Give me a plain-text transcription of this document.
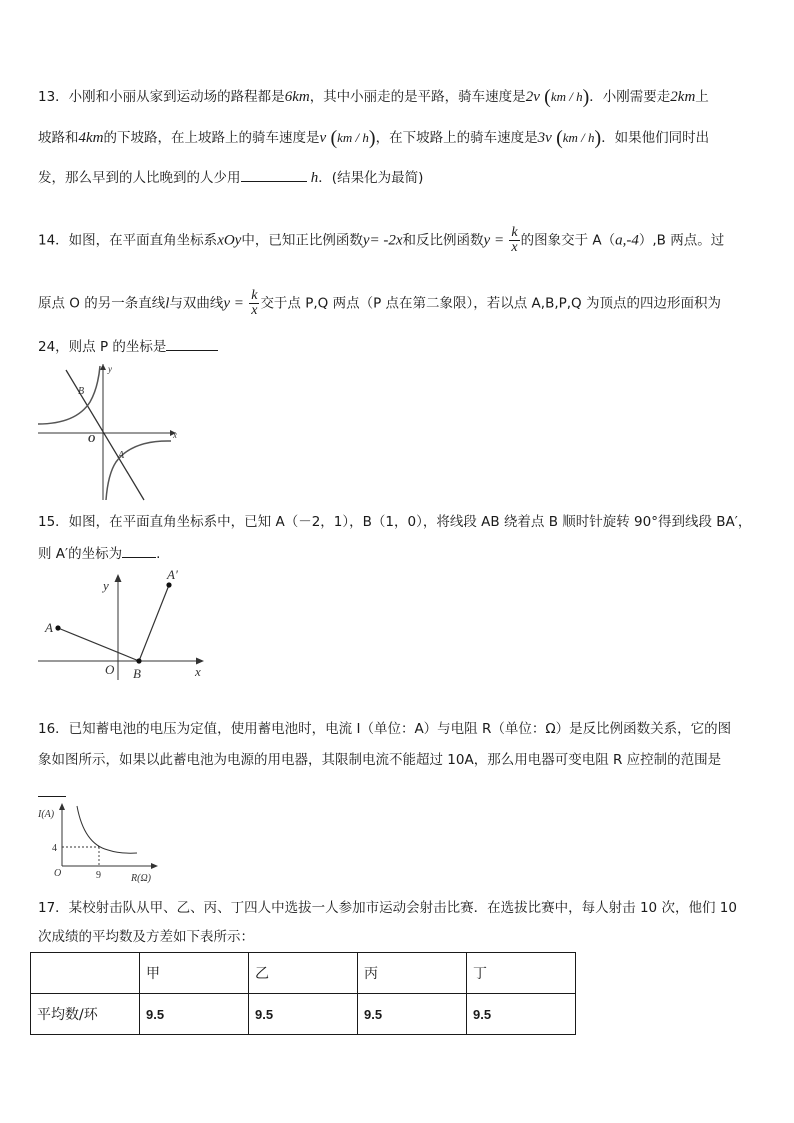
13．小刚和小丽从家到运动场的路程都是6km，其中小丽走的是平路，骑车速度是2v (km / h)．小刚需要走2km上
坡路和4km的下坡路，在上坡路上的骑车速度是v (km / h)，在下坡路上的骑车速度是3v (km / h)．如果他们同时出
发，那么早到的人比晚到的人少用	h．(结果化为最简)
14．如图，在平面直角坐标系xOy中，已知正比例函数y= -2x和反比例函数$y = \frac{k}{x}$ 的图象交于 A（a,-4）,B 两点。过
原点 O 的另一条直线l与双曲线$y = \frac{k}{x}$ 交于点 P,Q 两点（P 点在第二象限），若以点 A,B,P,Q 为顶点的四边形面积为
24，则点 P 的坐标是
B
A
O	x
y
15．如图，在平面直角坐标系中，已知 A（－2，1），B（1，0），将线段 AB 绕着点 B 顺时针旋转 90°得到线段 BA′，
则 A′的坐标为	.
A
A′
B
O	x
y
16．已知蓄电池的电压为定值，使用蓄电池时，电流 I（单位：A）与电阻 R（单位：Ω）是反比例函数关系，它的图
象如图所示，如果以此蓄电池为电源的用电器，其限制电流不能超过 10A，那么用电器可变电阻 R 应控制的范围是
I(A)
R(Ω)
O
4
9
17．某校射击队从甲、乙、丙、丁四人中选拔一人参加市运动会射击比赛．在选拔比赛中，每人射击 10 次，他们 10
次成绩的平均数及方差如下表所示：
	甲	乙	丙	丁
平均数/环	9.5	9.5	9.5	9.5
